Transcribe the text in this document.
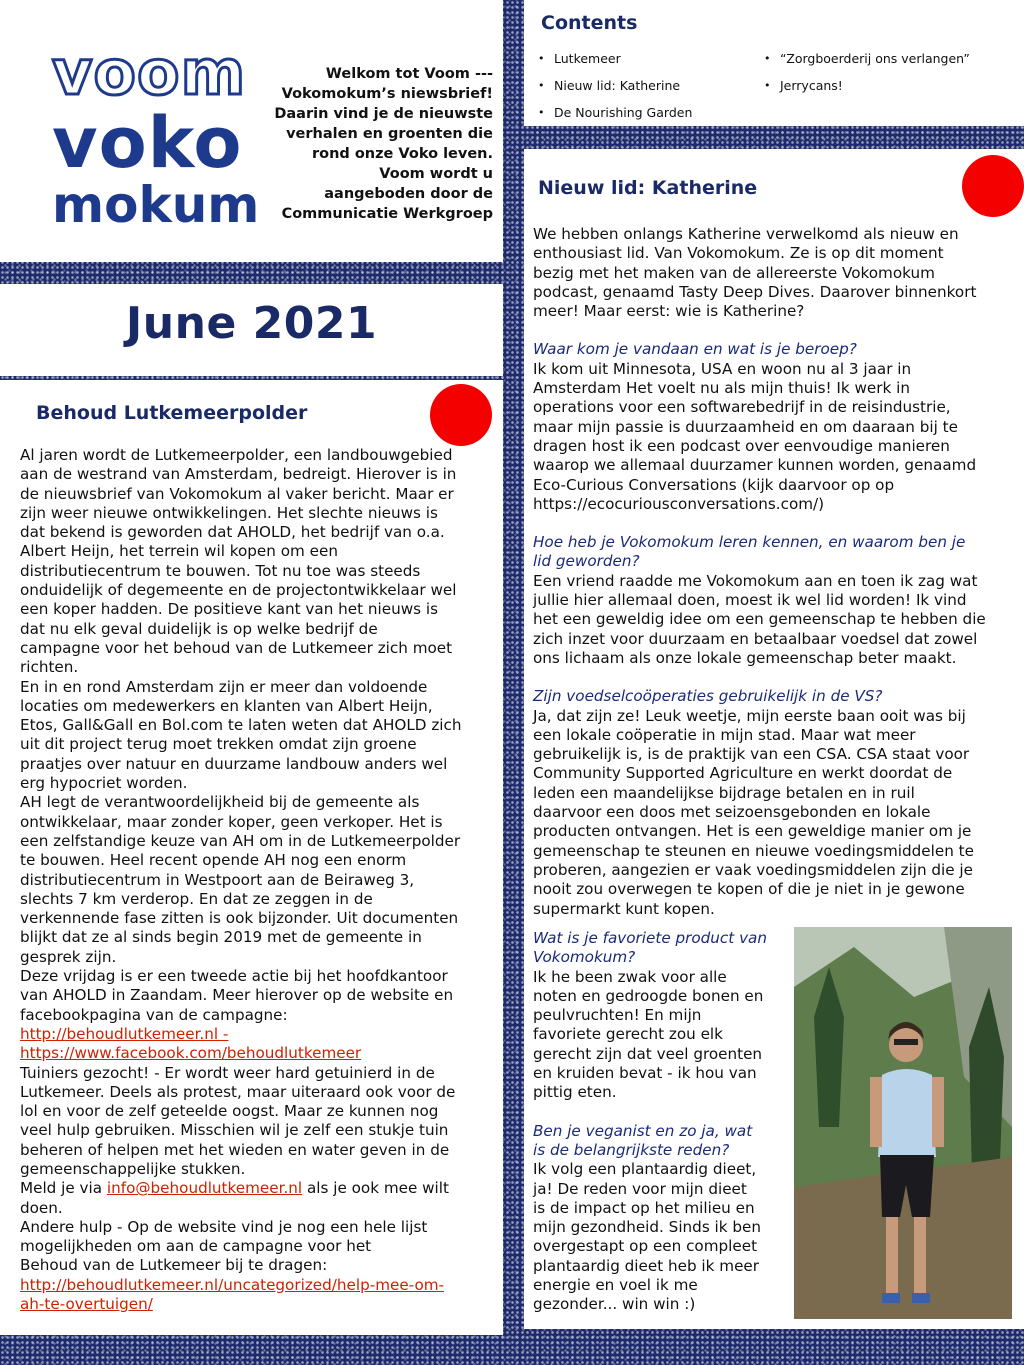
voom
voko
mokum
Welkom tot Voom ---
Vokomokum’s niewsbrief!
Daarin vind je de nieuwste
verhalen en groenten die
rond onze Voko leven.
Voom wordt u
aangeboden door de
Communicatie Werkgroep
June 2021
Behoud Lutkemeerpolder
Al jaren wordt de Lutkemeerpolder, een landbouwgebied
aan de westrand van Amsterdam, bedreigt. Hierover is in
de nieuwsbrief van Vokomokum al vaker bericht. Maar er
zijn weer nieuwe ontwikkelingen. Het slechte nieuws is
dat bekend is geworden dat AHOLD, het bedrijf van o.a.
Albert Heijn, het terrein wil kopen om een
distributiecentrum te bouwen. Tot nu toe was steeds
onduidelijk of degemeente en de projectontwikkelaar wel
een koper hadden. De positieve kant van het nieuws is
dat nu elk geval duidelijk is op welke bedrijf de
campagne voor het behoud van de Lutkemeer zich moet
richten.
En in en rond Amsterdam zijn er meer dan voldoende
locaties om medewerkers en klanten van Albert Heijn,
Etos, Gall&Gall en Bol.com te laten weten dat AHOLD zich
uit dit project terug moet trekken omdat zijn groene
praatjes over natuur en duurzame landbouw anders wel
erg hypocriet worden.
AH legt de verantwoordelijkheid bij de gemeente als
ontwikkelaar, maar zonder koper, geen verkoper. Het is
een zelfstandige keuze van AH om in de Lutkemeerpolder
te bouwen. Heel recent opende AH nog een enorm
distributiecentrum in Westpoort aan de Beiraweg 3,
slechts 7 km verderop. En dat ze zeggen in de
verkennende fase zitten is ook bijzonder. Uit documenten
blijkt dat ze al sinds begin 2019 met de gemeente in
gesprek zijn.
Deze vrijdag is er een tweede actie bij het hoofdkantoor
van AHOLD in Zaandam. Meer hierover op de website en
facebookpagina van de campagne:

http://behoudlutkemeer.nl -

https://www.facebook.com/behoudlutkemeer

Tuiniers gezocht! - Er wordt weer hard getuinierd in de
Lutkemeer. Deels als protest, maar uiteraard ook voor de
lol en voor de zelf geteelde oogst. Maar ze kunnen nog
veel hulp gebruiken. Misschien wil je zelf een stukje tuin
beheren of helpen met het wieden en water geven in de
gemeenschappelijke stukken.

Meld je via info@behoudlutkemeer.nl als je ook mee wilt

doen.

Andere hulp - Op de website vind je nog een hele lijst
mogelijkheden om aan de campagne voor het
Behoud van de Lutkemeer bij te dragen:

http://behoudlutkemeer.nl/uncategorized/help-mee-om-

ah-te-overtuigen/

Contents
• Lutkemeer
• Nieuw lid: Katherine
• De Nourishing Garden
• “Zorgboerderij ons verlangen”
• Jerrycans!
Nieuw lid: Katherine
We hebben onlangs Katherine verwelkomd als nieuw en
enthousiast lid. Van Vokomokum. Ze is op dit moment
bezig met het maken van de allereerste Vokomokum
podcast, genaamd Tasty Deep Dives. Daarover binnenkort
meer! Maar eerst: wie is Katherine?
Waar kom je vandaan en wat is je beroep?
Ik kom uit Minnesota, USA en woon nu al 3 jaar in
Amsterdam Het voelt nu als mijn thuis! Ik werk in
operations voor een softwarebedrijf in de reisindustrie,
maar mijn passie is duurzaamheid en om daaraan bij te
dragen host ik een podcast over eenvoudige manieren
waarop we allemaal duurzamer kunnen worden, genaamd
Eco-Curious Conversations (kijk daarvoor op op
https://ecocuriousconversations.com/)
Hoe heb je Vokomokum leren kennen, en waarom ben je
lid geworden?
Een vriend raadde me Vokomokum aan en toen ik zag wat
jullie hier allemaal doen, moest ik wel lid worden! Ik vind
het een geweldig idee om een gemeenschap te hebben die
zich inzet voor duurzaam en betaalbaar voedsel dat zowel
ons lichaam als onze lokale gemeenschap beter maakt.
Zijn voedselcoöperaties gebruikelijk in de VS?
Ja, dat zijn ze! Leuk weetje, mijn eerste baan ooit was bij
een lokale coöperatie in mijn stad. Maar wat meer
gebruikelijk is, is de praktijk van een CSA. CSA staat voor
Community Supported Agriculture en werkt doordat de
leden een maandelijkse bijdrage betalen en in ruil
daarvoor een doos met seizoensgebonden en lokale
producten ontvangen. Het is een geweldige manier om je
gemeenschap te steunen en nieuwe voedingsmiddelen te
proberen, aangezien er vaak voedingsmiddelen zijn die je
nooit zou overwegen te kopen of die je niet in je gewone
supermarkt kunt kopen.
Wat is je favoriete product van
Vokomokum?
Ik he been zwak voor alle
noten en gedroogde bonen en
peulvruchten! En mijn
favoriete gerecht zou elk
gerecht zijn dat veel groenten
en kruiden bevat - ik hou van
pittig eten.
Ben je veganist en zo ja, wat
is de belangrijkste reden?
Ik volg een plantaardig dieet,
ja! De reden voor mijn dieet
is de impact op het milieu en
mijn gezondheid. Sinds ik ben
overgestapt op een compleet
plantaardig dieet heb ik meer
energie en voel ik me
gezonder... win win :)
